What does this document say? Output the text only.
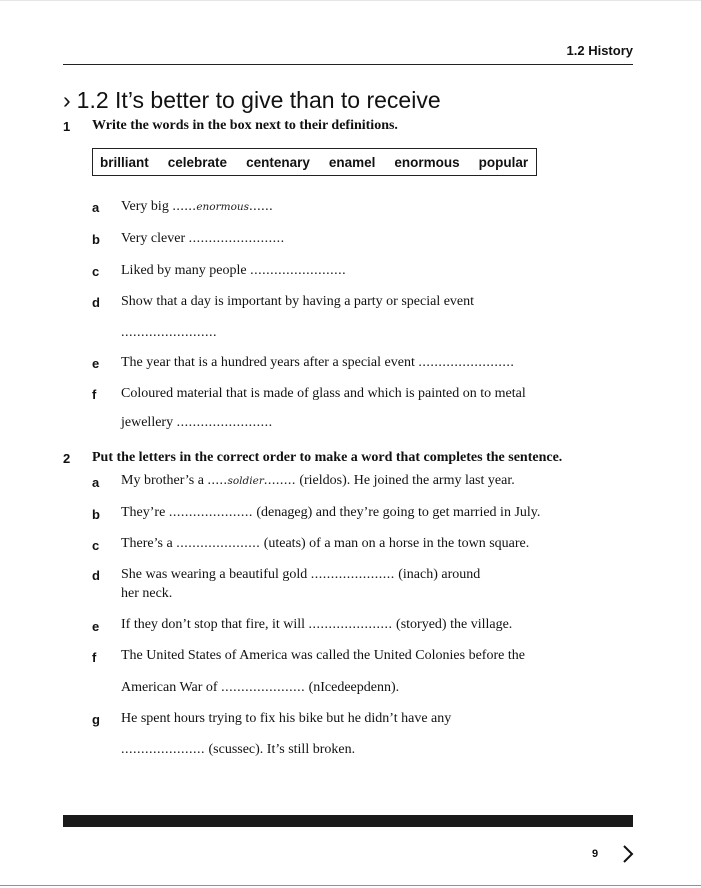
1.2 History
› 1.2 It’s better to give than to receive
1 Write the words in the box next to their definitions.
brilliant celebrate centenary enamel enormous popular
a Very big ......enormous......
b Very clever ........................
c Liked by many people ........................
d Show that a day is important by having a party or special event
........................
e The year that is a hundred years after a special event ........................
f Coloured material that is made of glass and which is painted on to metal
jewellery ........................
2 Put the letters in the correct order to make a word that completes the sentence.
a My brother’s a .....soldier........ (rieldos). He joined the army last year.
b They’re ..................... (denageg) and they’re going to get married in July.
c There’s a ..................... (uteats) of a man on a horse in the town square.
d She was wearing a beautiful gold ..................... (inach) around
her neck.
e If they don’t stop that fire, it will ..................... (storyed) the village.
f The United States of America was called the United Colonies before the
American War of ..................... (nIcedeepdenn).
g He spent hours trying to fix his bike but he didn’t have any
..................... (scussec). It’s still broken.
9
